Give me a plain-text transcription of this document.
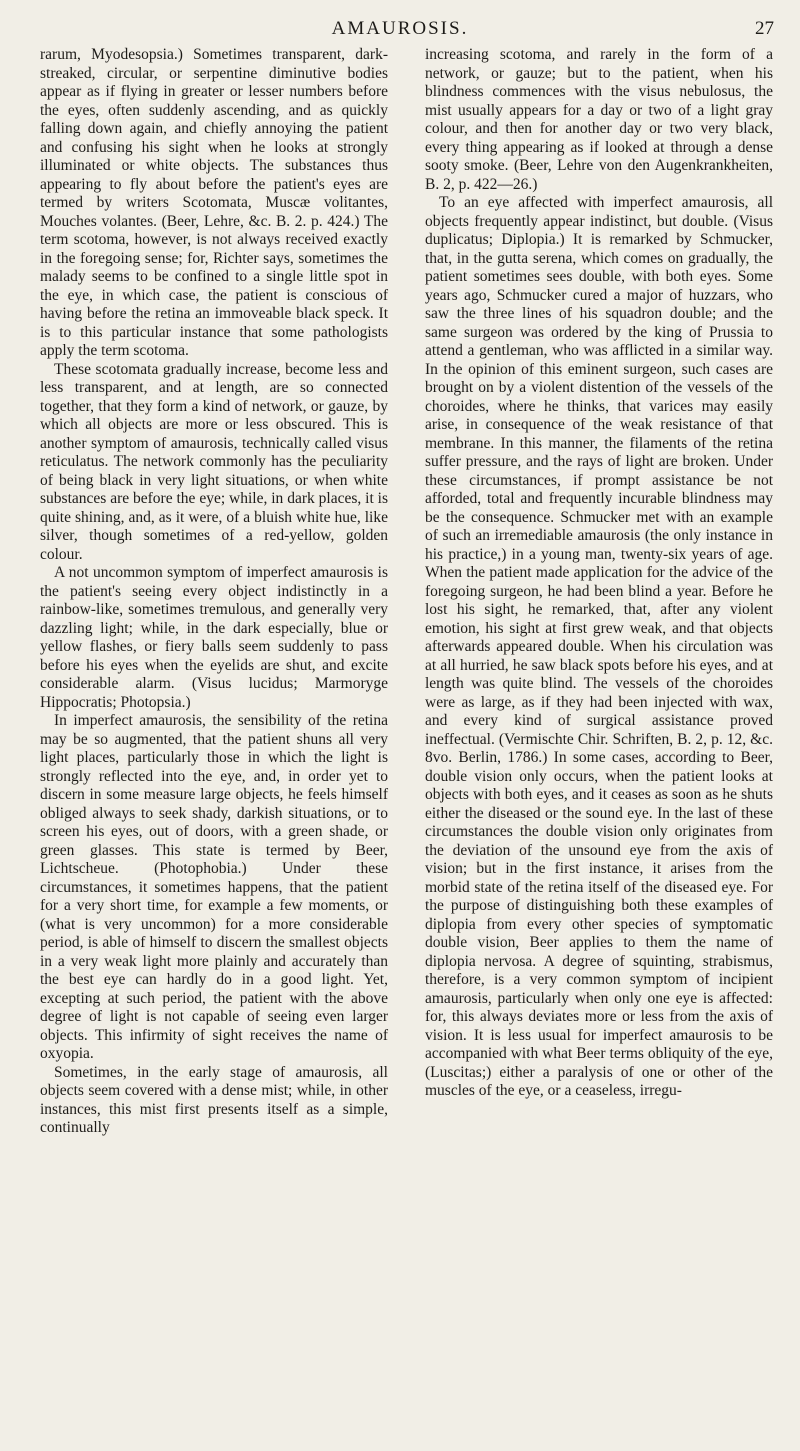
AMAUROSIS.	27

rarum, Myodesopsia.) Sometimes transparent, dark-streaked, circular, or serpentine diminutive bodies appear as if flying in greater or lesser numbers before the eyes, often suddenly ascending, and as quickly falling down again, and chiefly annoying the patient and confusing his sight when he looks at strongly illuminated or white objects. The substances thus appearing to fly about before the patient's eyes are termed by writers Scotomata, Muscæ volitantes, Mouches volantes. (Beer, Lehre, &c. B. 2. p. 424.) The term scotoma, however, is not always received exactly in the foregoing sense; for, Richter says, sometimes the malady seems to be confined to a single little spot in the eye, in which case, the patient is conscious of having before the retina an immoveable black speck. It is to this particular instance that some pathologists apply the term scotoma.

These scotomata gradually increase, become less and less transparent, and at length, are so connected together, that they form a kind of network, or gauze, by which all objects are more or less obscured. This is another symptom of amaurosis, technically called visus reticulatus. The network commonly has the peculiarity of being black in very light situations, or when white substances are before the eye; while, in dark places, it is quite shining, and, as it were, of a bluish white hue, like silver, though sometimes of a red-yellow, golden colour.

A not uncommon symptom of imperfect amaurosis is the patient's seeing every object indistinctly in a rainbow-like, sometimes tremulous, and generally very dazzling light; while, in the dark especially, blue or yellow flashes, or fiery balls seem suddenly to pass before his eyes when the eyelids are shut, and excite considerable alarm. (Visus lucidus; Marmoryge Hippocratis; Photopsia.)

In imperfect amaurosis, the sensibility of the retina may be so augmented, that the patient shuns all very light places, particularly those in which the light is strongly reflected into the eye, and, in order yet to discern in some measure large objects, he feels himself obliged always to seek shady, darkish situations, or to screen his eyes, out of doors, with a green shade, or green glasses. This state is termed by Beer, Lichtscheue. (Photophobia.) Under these circumstances, it sometimes happens, that the patient for a very short time, for example a few moments, or (what is very uncommon) for a more considerable period, is able of himself to discern the smallest objects in a very weak light more plainly and accurately than the best eye can hardly do in a good light. Yet, excepting at such period, the patient with the above degree of light is not capable of seeing even larger objects. This infirmity of sight receives the name of oxyopia.

Sometimes, in the early stage of amaurosis, all objects seem covered with a dense mist; while, in other instances, this mist first presents itself as a simple, continually

increasing scotoma, and rarely in the form of a network, or gauze; but to the patient, when his blindness commences with the visus nebulosus, the mist usually appears for a day or two of a light gray colour, and then for another day or two very black, every thing appearing as if looked at through a dense sooty smoke. (Beer, Lehre von den Augenkrankheiten, B. 2, p. 422—26.)

To an eye affected with imperfect amaurosis, all objects frequently appear indistinct, but double. (Visus duplicatus; Diplopia.) It is remarked by Schmucker, that, in the gutta serena, which comes on gradually, the patient sometimes sees double, with both eyes. Some years ago, Schmucker cured a major of huzzars, who saw the three lines of his squadron double; and the same surgeon was ordered by the king of Prussia to attend a gentleman, who was afflicted in a similar way. In the opinion of this eminent surgeon, such cases are brought on by a violent distention of the vessels of the choroides, where he thinks, that varices may easily arise, in consequence of the weak resistance of that membrane. In this manner, the filaments of the retina suffer pressure, and the rays of light are broken. Under these circumstances, if prompt assistance be not afforded, total and frequently incurable blindness may be the consequence. Schmucker met with an example of such an irremediable amaurosis (the only instance in his practice,) in a young man, twenty-six years of age. When the patient made application for the advice of the foregoing surgeon, he had been blind a year. Before he lost his sight, he remarked, that, after any violent emotion, his sight at first grew weak, and that objects afterwards appeared double. When his circulation was at all hurried, he saw black spots before his eyes, and at length was quite blind. The vessels of the choroides were as large, as if they had been injected with wax, and every kind of surgical assistance proved ineffectual. (Vermischte Chir. Schriften, B. 2, p. 12, &c. 8vo. Berlin, 1786.) In some cases, according to Beer, double vision only occurs, when the patient looks at objects with both eyes, and it ceases as soon as he shuts either the diseased or the sound eye. In the last of these circumstances the double vision only originates from the deviation of the unsound eye from the axis of vision; but in the first instance, it arises from the morbid state of the retina itself of the diseased eye. For the purpose of distinguishing both these examples of diplopia from every other species of symptomatic double vision, Beer applies to them the name of diplopia nervosa. A degree of squinting, strabismus, therefore, is a very common symptom of incipient amaurosis, particularly when only one eye is affected: for, this always deviates more or less from the axis of vision. It is less usual for imperfect amaurosis to be accompanied with what Beer terms obliquity of the eye, (Luscitas;) either a paralysis of one or other of the muscles of the eye, or a ceaseless, irregu-
